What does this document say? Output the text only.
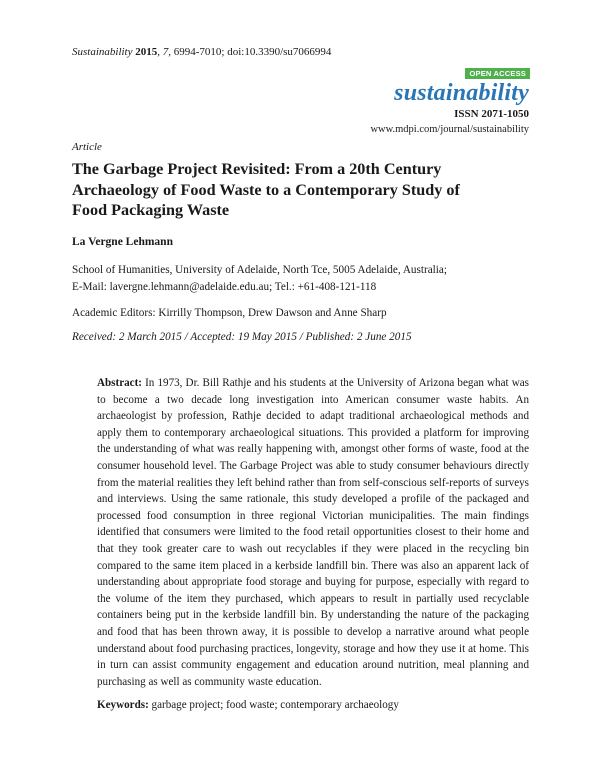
Sustainability 2015, 7, 6994-7010; doi:10.3390/su7066994
OPEN ACCESS
sustainability
ISSN 2071-1050
www.mdpi.com/journal/sustainability
Article
The Garbage Project Revisited: From a 20th Century Archaeology of Food Waste to a Contemporary Study of Food Packaging Waste
La Vergne Lehmann
School of Humanities, University of Adelaide, North Tce, 5005 Adelaide, Australia;
E-Mail: lavergne.lehmann@adelaide.edu.au; Tel.: +61-408-121-118
Academic Editors: Kirrilly Thompson, Drew Dawson and Anne Sharp
Received: 2 March 2015 / Accepted: 19 May 2015 / Published: 2 June 2015

Abstract: In 1973, Dr. Bill Rathje and his students at the University of Arizona began what was to become a two decade long investigation into American consumer waste habits. An archaeologist by profession, Rathje decided to adapt traditional archaeological methods and apply them to contemporary archaeological situations. This provided a platform for improving the understanding of what was really happening with, amongst other forms of waste, food at the consumer household level. The Garbage Project was able to study consumer behaviours directly from the material realities they left behind rather than from self-conscious self-reports of surveys and interviews. Using the same rationale, this study developed a profile of the packaged and processed food consumption in three regional Victorian municipalities. The main findings identified that consumers were limited to the food retail opportunities closest to their home and that they took greater care to wash out recyclables if they were placed in the recycling bin compared to the same item placed in a kerbside landfill bin. There was also an apparent lack of understanding about appropriate food storage and buying for purpose, especially with regard to the volume of the item they purchased, which appears to result in partially used recyclable containers being put in the kerbside landfill bin. By understanding the nature of the packaging and food that has been thrown away, it is possible to develop a narrative around what people understand about food purchasing practices, longevity, storage and how they use it at home. This in turn can assist community engagement and education around nutrition, meal planning and purchasing as well as community waste education.

Keywords: garbage project; food waste; contemporary archaeology
